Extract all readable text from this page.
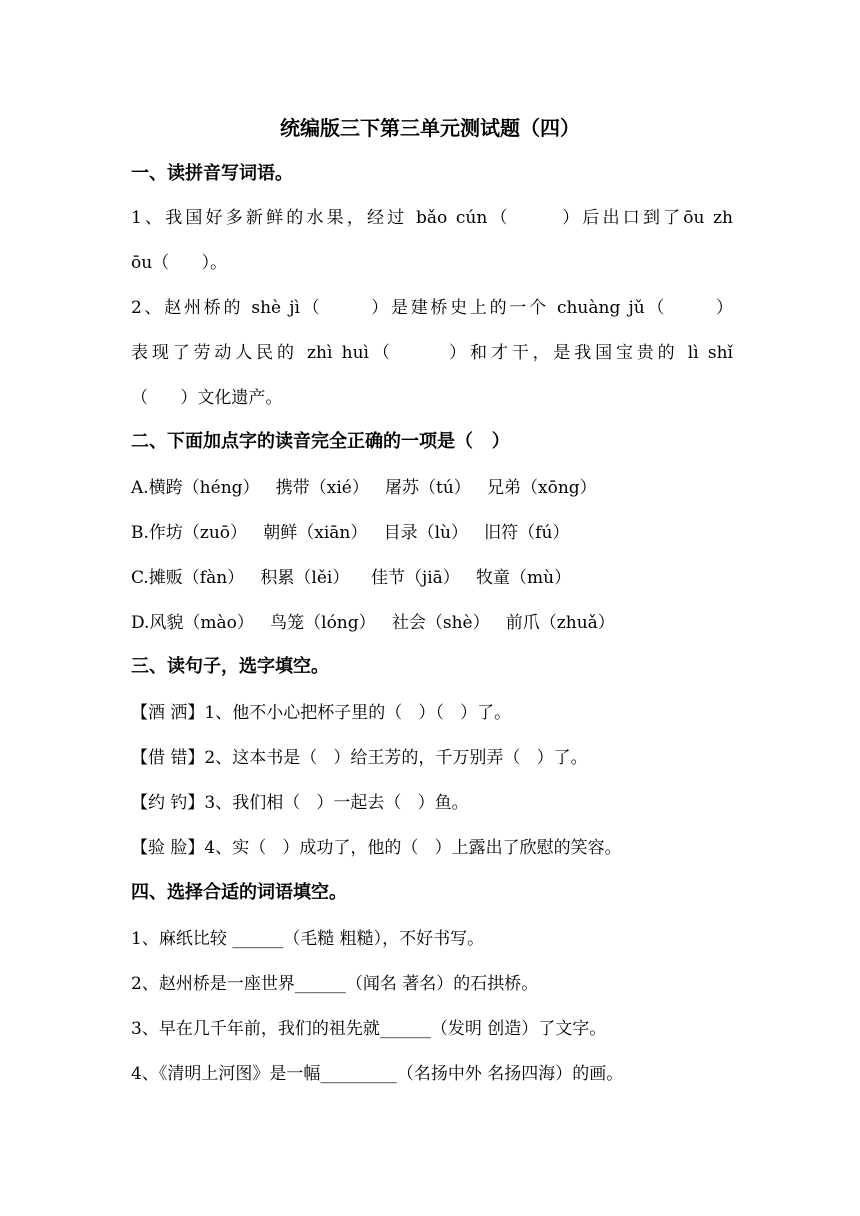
统编版三下第三单元测试题（四）
一、读拼音写词语。
1、我国好多新鲜的水果，经过 bǎo cún（      ）后出口到了ōu zh
ōu（      ）。
2、赵州桥的 shè jì（      ）是建桥史上的一个 chuàng jǔ（      ）
表现了劳动人民的 zhì huì（      ）和才干，是我国宝贵的 lì shǐ
（      ）文化遗产。
二、下面加点字的读音完全正确的一项是（   ）
A.横跨（héng）   携带（xié）   屠苏（tú）   兄弟（xōng）
B.作坊（zuō）   朝鲜（xiān）   目录（lù）   旧符（fú）
C.摊贩（fàn）   积累（lěi）    佳节（jiā）   牧童（mù）
D.风貌（mào）   鸟笼（lóng）   社会（shè）   前爪（zhuǎ）
三、读句子，选字填空。
【酒 洒】1、他不小心把杯子里的（   ）（   ）了。
【借 错】2、这本书是（   ）给王芳的，千万别弄（   ）了。
【约 钓】3、我们相（   ）一起去（   ）鱼。
【验 脸】4、实（   ）成功了，他的（   ）上露出了欣慰的笑容。
四、选择合适的词语填空。
1、麻纸比较 ______（毛糙 粗糙），不好书写。
2、赵州桥是一座世界______（闻名 著名）的石拱桥。
3、早在几千年前，我们的祖先就______（发明 创造）了文字。
4、《清明上河图》是一幅_________（名扬中外 名扬四海）的画。
